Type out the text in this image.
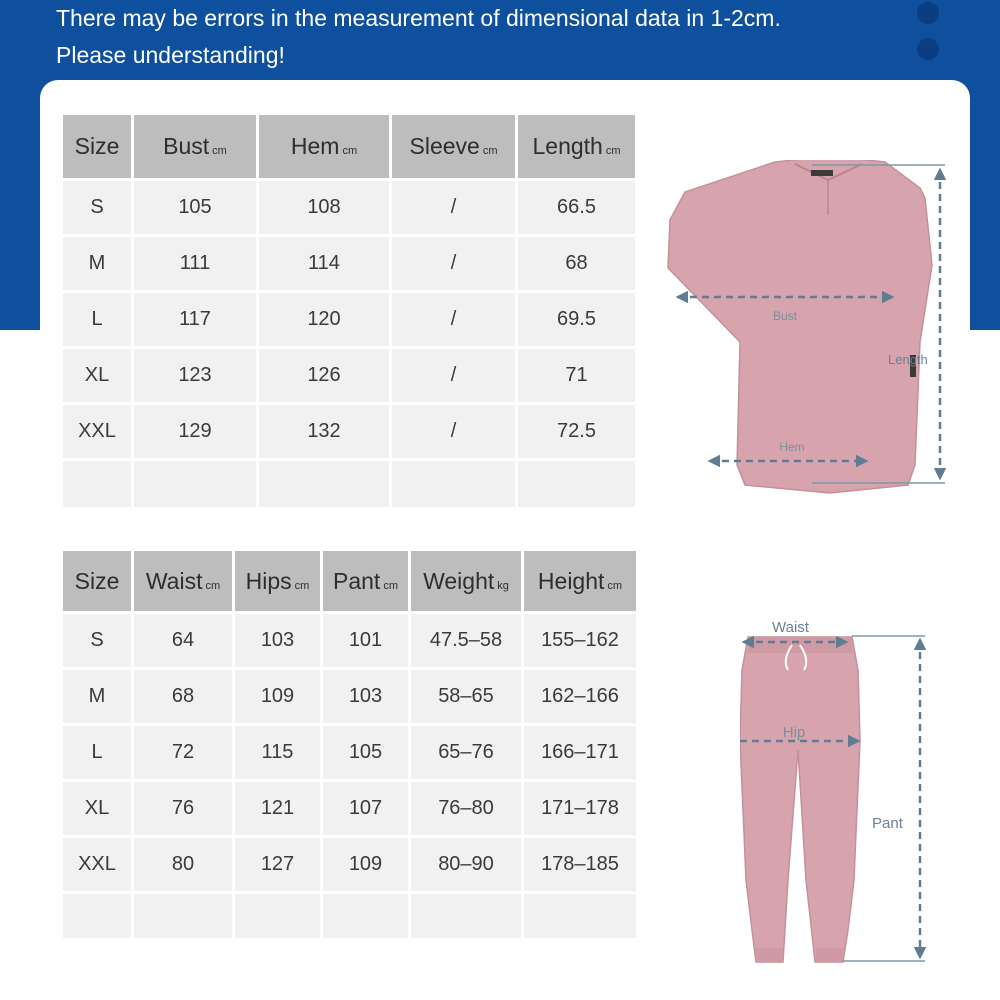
There may be errors in the measurement of dimensional data in 1-2cm.
Please understanding!
Size	Bust cm	Hem cm	Sleeve cm	Length cm
S	105	108	/	66.5
M	111	114	/	68
L	117	120	/	69.5
XL	123	126	/	71
XXL	129	132	/	72.5

Size	Waist cm	Hips cm	Pant cm	Weight kg	Height cm
S	64	103	101	47.5–58	155–162
M	68	109	103	58–65	162–166
L	72	115	105	65–76	166–171
XL	76	121	107	76–80	171–178
XXL	80	127	109	80–90	178–185

Bust
Hem
Length
Waist
Hip
Pant
